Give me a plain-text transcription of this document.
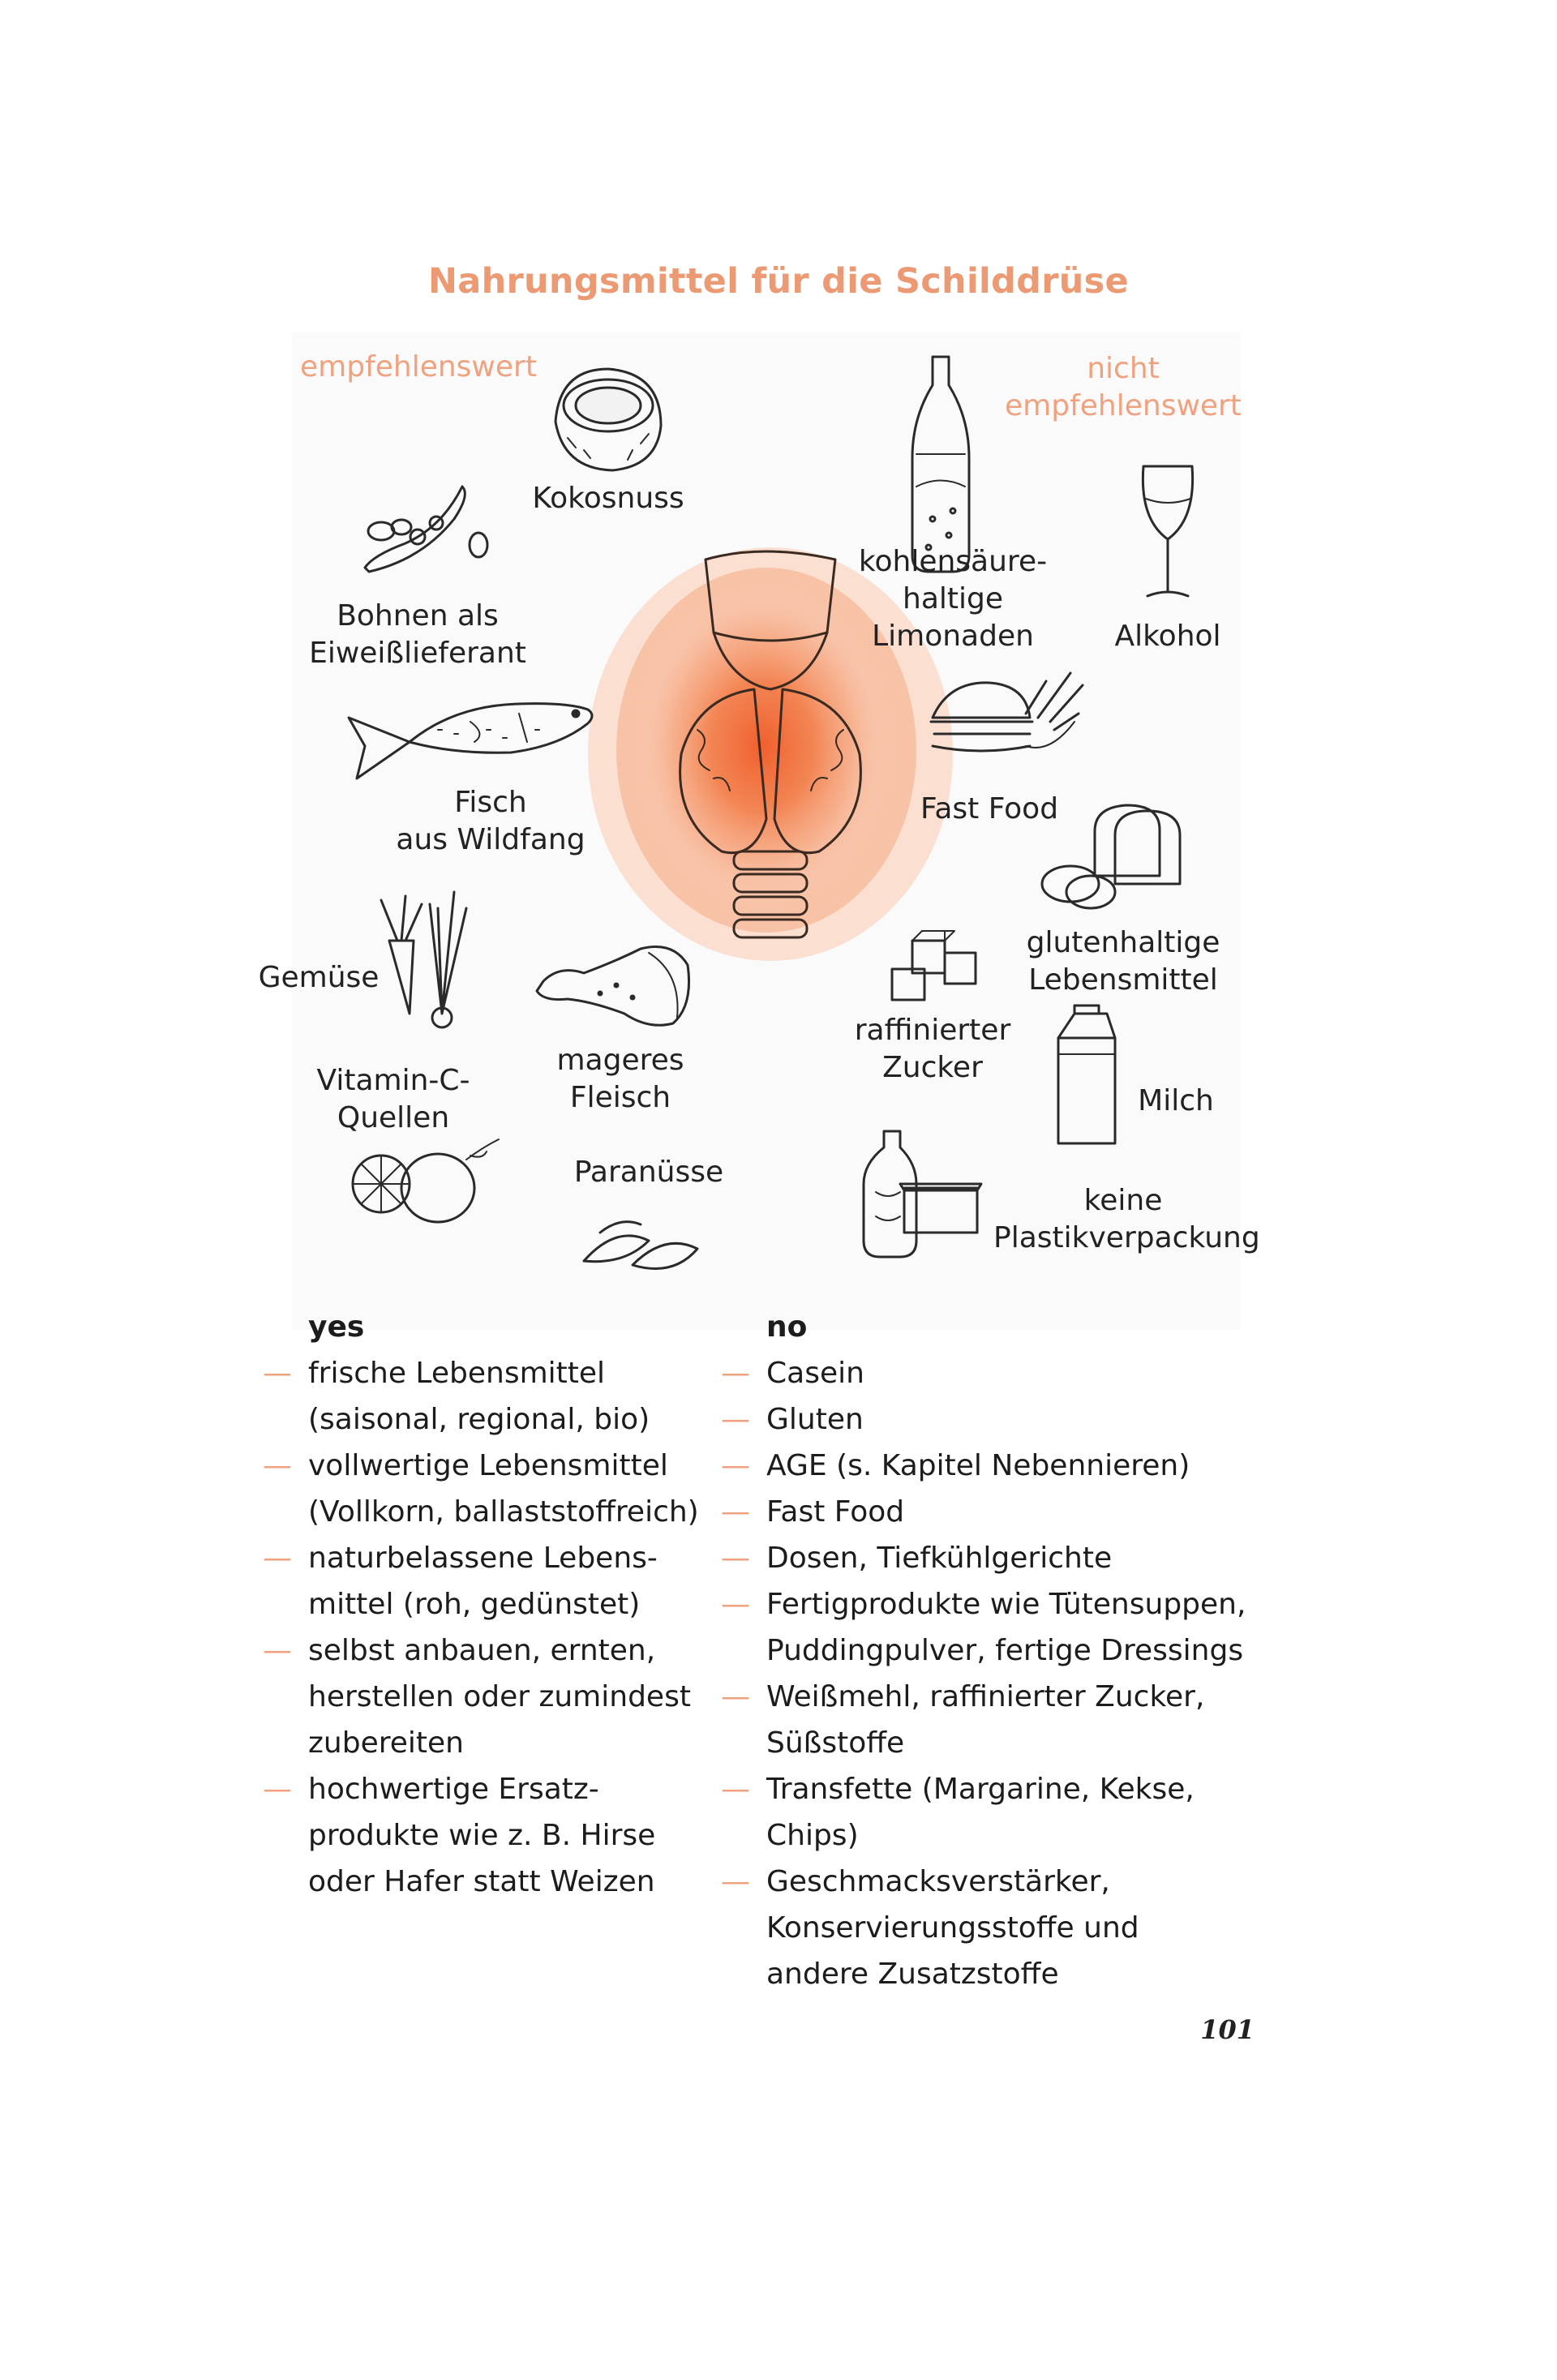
Nahrungsmittel für die Schilddrüse
empfehlenswert	nicht
empfehlenswert
Kokosnuss
Bohnen als
Eiweißlieferant
Fisch
aus Wildfang
Gemüse
mageres
Fleisch
Vitamin-C-
Quellen
Paranüsse
kohlensäure-
haltige
Limonaden	Alkohol
Fast Food
glutenhaltige
Lebensmittel
raffinierter
Zucker
Milch
keine
Plastikverpackung
yes
— frische Lebensmittel
(saisonal, regional, bio)
— vollwertige Lebensmittel
(Vollkorn, ballaststoffreich)
— naturbelassene Lebens-
mittel (roh, gedünstet)
— selbst anbauen, ernten,
herstellen oder zumindest
zubereiten
— hochwertige Ersatz-
produkte wie z. B. Hirse
oder Hafer statt Weizen
no
— Casein
— Gluten
— AGE (s. Kapitel Nebennieren)
— Fast Food
— Dosen, Tiefkühlgerichte
— Fertigprodukte wie Tütensuppen,
Puddingpulver, fertige Dressings
— Weißmehl, raffinierter Zucker,
Süßstoffe
— Transfette (Margarine, Kekse, Chips)
— Geschmacksverstärker,
Konservierungsstoffe und
andere Zusatzstoffe
101
